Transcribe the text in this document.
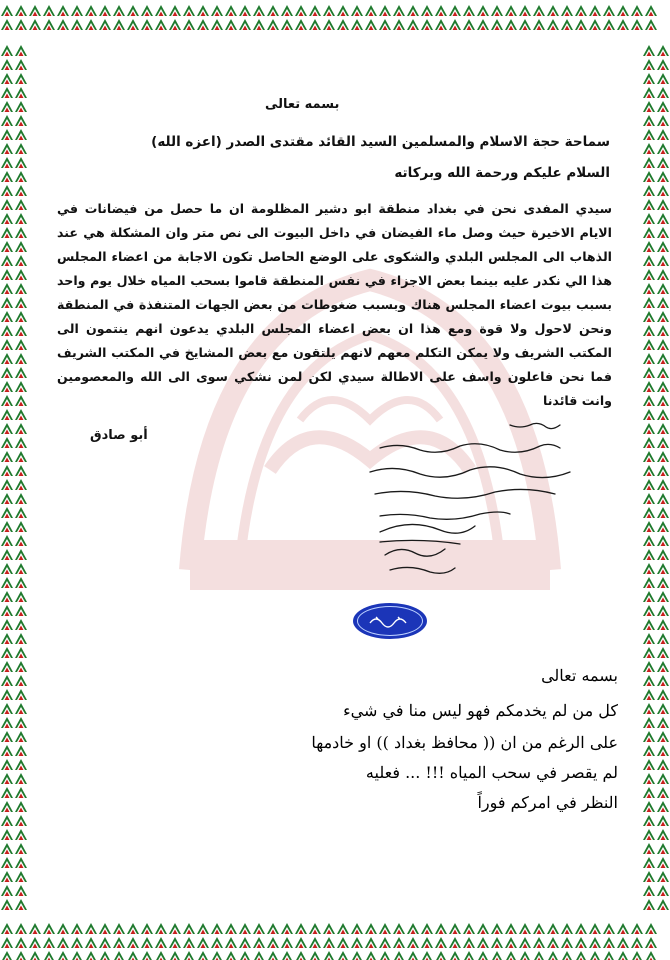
بسمه تعالى
سماحة حجة الاسلام والمسلمين السيد القائد مقتدى الصدر (اعزه الله)
السلام عليكم ورحمة الله وبركاته
سيدي المفدى نحن في بغداد منطقة ابو دشير المظلومة ان ما حصل من فيضانات في الايام الاخيرة حيث وصل ماء الفيضان في داخل البيوت الى نص متر وان المشكلة هي عند الذهاب الى المجلس البلدي والشكوى على الوضع الحاصل تكون الاجابة من اعضاء المجلس هذا الي نكدر عليه بينما بعض الاجزاء في نفس المنطقة قاموا بسحب المياه خلال يوم واحد بسبب بيوت اعضاء المجلس هناك وبسبب ضغوطات من بعض الجهات المتنفذة في المنطقة ونحن لاحول ولا قوة ومع هذا ان بعض اعضاء المجلس البلدي يدعون انهم ينتمون الى المكتب الشريف ولا يمكن التكلم معهم لانهم يلتقون مع بعض المشايخ في المكتب الشريف فما نحن فاعلون واسف على الاطالة سيدي لكن لمن نشكي سوى الى الله والمعصومين وانت قائدنا
أبو صادق
بسمه تعالى
كل من لم يخدمكم فهو ليس منا في شيء
على الرغم من ان (( محافظ بغداد )) او خادمها
لم يقصر في سحب المياه !!! ... فعليه
النظر في امركم فوراً
